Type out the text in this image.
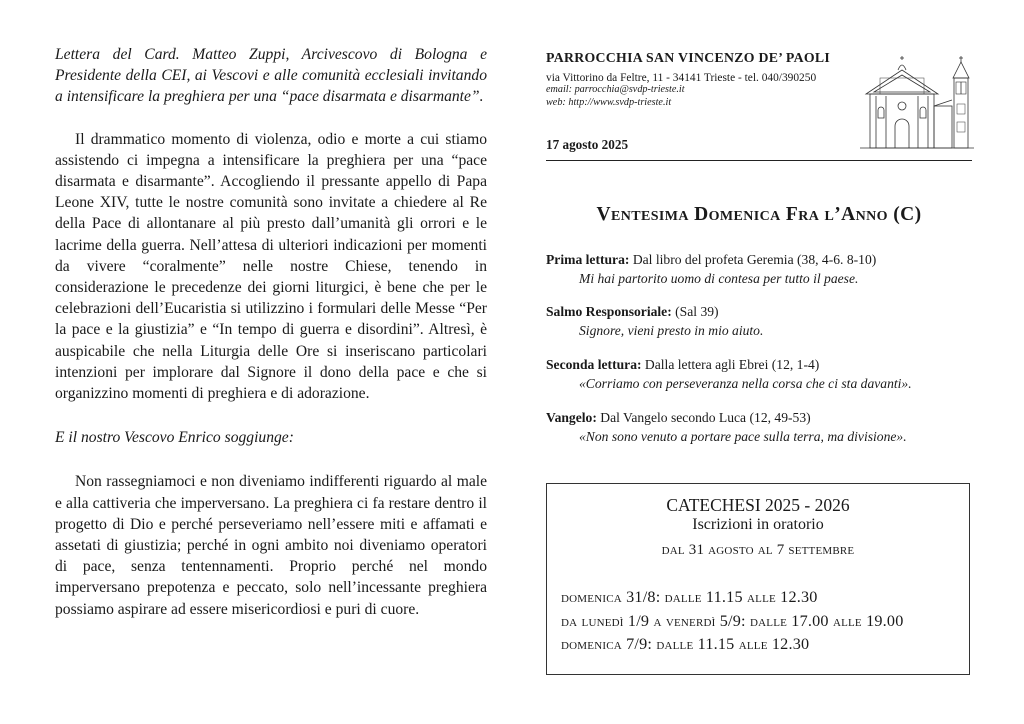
Lettera del Card. Matteo Zuppi, Arcivescovo di Bologna e Presidente della CEI, ai Vescovi e alle comunità ecclesiali invitando a intensificare la preghiera per una “pace disarmata e disarmante”.

Il drammatico momento di violenza, odio e morte a cui stiamo assistendo ci impegna a intensificare la preghiera per una “pace disarmata e disarmante”. Accogliendo il pressante appello di Papa Leone XIV, tutte le nostre comunità sono invitate a chiedere al Re della Pace di allontanare al più presto dall’umanità gli orrori e le lacrime della guerra. Nell’attesa di ulteriori indicazioni per momenti da vivere “coralmente” nelle nostre Chiese, tenendo in considerazione le precedenze dei giorni liturgici, è bene che per le celebrazioni dell’Eucaristia si utilizzino i formulari delle Messe “Per la pace e la giustizia” e “In tempo di guerra e disordini”. Altresì, è auspicabile che nella Liturgia delle Ore si inseriscano particolari intenzioni per implorare dal Signore il dono della pace e che si organizzino momenti di preghiera e di adorazione.

E il nostro Vescovo Enrico soggiunge:

Non rassegniamoci e non diveniamo indifferenti riguardo al male e alla cattiveria che imperversano. La preghiera ci fa restare dentro il progetto di Dio e perché perseveriamo nell’essere miti e affamati e assetati di giustizia; perché in ogni ambito noi diveniamo operatori di pace, senza tentennamenti. Proprio perché nel mondo imperversano prepotenza e peccato, solo nell’incessante preghiera possiamo aspirare ad essere misericordiosi e puri di cuore.

PARROCCHIA SAN VINCENZO DE’ PAOLI
via Vittorino da Feltre, 11 - 34141 Trieste - tel. 040/390250
email: parrocchia@svdp-trieste.it
web: http://www.svdp-trieste.it
17 agosto 2025
Ventesima Domenica Fra l’Anno (C)
Prima lettura: Dal libro del profeta Geremia (38, 4-6. 8-10)
Mi hai partorito uomo di contesa per tutto il paese.
Salmo Responsoriale: (Sal 39)
Signore, vieni presto in mio aiuto.
Seconda lettura: Dalla lettera agli Ebrei (12, 1-4)
«Corriamo con perseveranza nella corsa che ci sta davanti».
Vangelo: Dal Vangelo secondo Luca (12, 49-53)
«Non sono venuto a portare pace sulla terra, ma divisione».
CATECHESI 2025 - 2026
Iscrizioni in oratorio
dal 31 agosto al 7 settembre
domenica 31/8: dalle 11.15 alle 12.30
da lunedì 1/9 a venerdì 5/9: dalle 17.00 alle 19.00
domenica 7/9: dalle 11.15 alle 12.30
